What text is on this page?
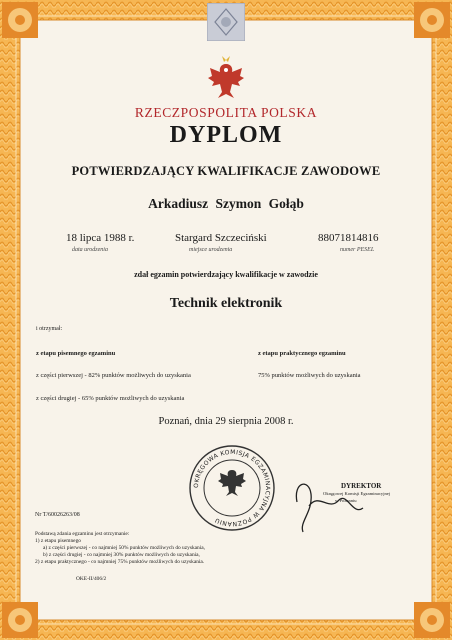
RZECZPOSPOLITA POLSKA
DYPLOM
POTWIERDZAJĄCY KWALIFIKACJE ZAWODOWE
Arkadiusz Szymon Gołąb
18 lipca 1988 r.
data urodzenia
Stargard Szczeciński
miejsce urodzenia
88071814816
numer PESEL
zdał egzamin potwierdzający kwalifikacje w zawodzie
Technik elektronik
i otrzymał:
z etapu pisemnego egzaminu	z etapu praktycznego egzaminu
z części pierwszej - 82% punktów możliwych do uzyskania	75% punktów możliwych do uzyskania
z części drugiej - 65% punktów możliwych do uzyskania
Poznań, dnia 29 sierpnia 2008 r.
OKRĘGOWA KOMISJA EGZAMINACYJNA W POZNANIU
DYREKTOR
Okręgowej Komisji Egzaminacyjnej
w Poznaniu
Nr T/60026263/08
Podstawą zdania egzaminu jest otrzymanie:
1) z etapu pisemnego
a) z części pierwszej - co najmniej 50% punktów możliwych do uzyskania,
b) z części drugiej - co najmniej 30% punktów możliwych do uzyskania,
2) z etapu praktycznego - co najmniej 75% punktów możliwych do uzyskania.
OKE-II/406/2
